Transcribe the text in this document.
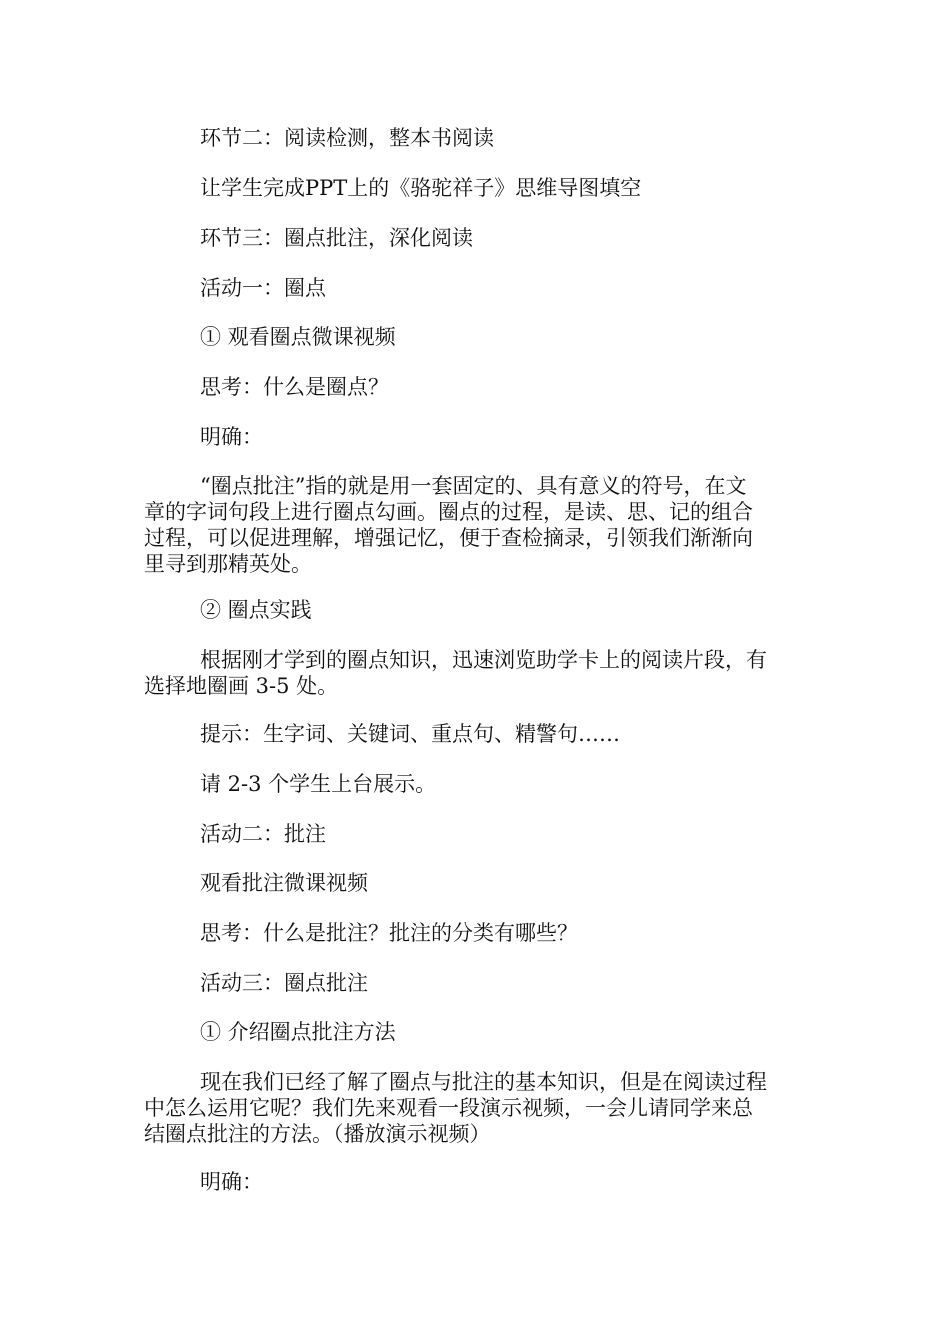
环节二：阅读检测，整本书阅读

让学生完成PPT上的《骆驼祥子》思维导图填空

环节三：圈点批注，深化阅读

活动一：圈点

① 观看圈点微课视频

思考：什么是圈点？

明确：

“圈点批注”指的就是用一套固定的、具有意义的符号，在文
章的字词句段上进行圈点勾画。圈点的过程，是读、思、记的组合
过程，可以促进理解，增强记忆，便于查检摘录，引领我们渐渐向
里寻到那精英处。

② 圈点实践

根据刚才学到的圈点知识，迅速浏览助学卡上的阅读片段，有
选择地圈画 3-5 处。

提示：生字词、关键词、重点句、精警句……

请 2-3 个学生上台展示。

活动二：批注

观看批注微课视频

思考：什么是批注？批注的分类有哪些？

活动三：圈点批注

① 介绍圈点批注方法

现在我们已经了解了圈点与批注的基本知识，但是在阅读过程
中怎么运用它呢？我们先来观看一段演示视频，一会儿请同学来总
结圈点批注的方法。（播放演示视频）

明确：
